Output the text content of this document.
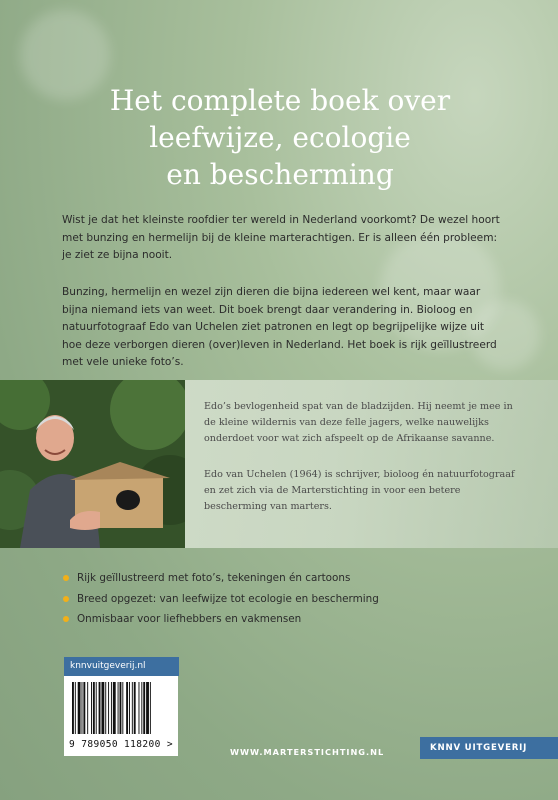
Het complete boek over
leefwijze, ecologie
en bescherming

Wist je dat het kleinste roofdier ter wereld in Nederland voorkomt? De wezel hoort met bunzing en hermelijn bij de kleine marterachtigen. Er is alleen één probleem: je ziet ze bijna nooit.

Bunzing, hermelijn en wezel zijn dieren die bijna iedereen wel kent, maar waar bijna niemand iets van weet. Dit boek brengt daar verandering in. Bioloog en natuurfotograaf Edo van Uchelen ziet patronen en legt op begrijpelijke wijze uit hoe deze verborgen dieren (over)leven in Nederland. Het boek is rijk geïllustreerd met vele unieke foto’s.

Edo’s bevlogenheid spat van de bladzijden. Hij neemt je mee in de kleine wildernis van deze felle jagers, welke nauwelijks onderdoet voor wat zich afspeelt op de Afrikaanse savanne.

Edo van Uchelen (1964) is schrijver, bioloog én natuurfotograaf en zet zich via de Marterstichting in voor een betere bescherming van marters.

Rijk geïllustreerd met foto’s, tekeningen én cartoons
Breed opgezet: van leefwijze tot ecologie en bescherming
Onmisbaar voor liefhebbers en vakmensen
knnvuitgeverij.nl
9 789050 118200 >
WWW.MARTERSTICHTING.NL	KNNV UITGEVERIJ
